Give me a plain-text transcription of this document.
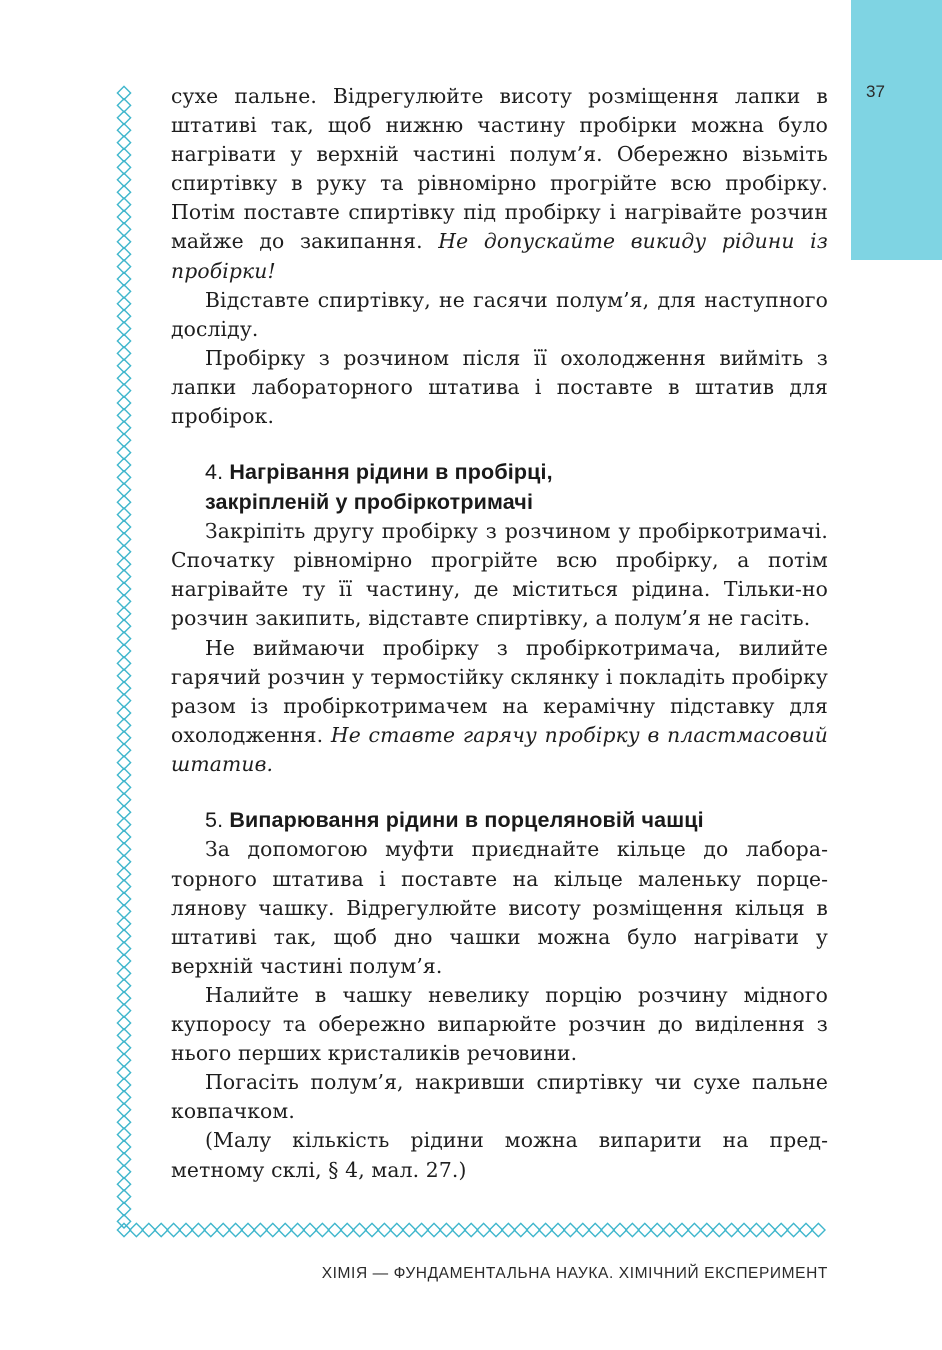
37

сухе пальне. Відрегулюйте висоту розміщення лапки в штативі так, щоб нижню частину пробірки можна було нагрівати у верхній частині полум’я. Обережно візьміть спиртівку в руку та рівномірно прогрійте всю пробірку. Потім поставте спиртівку під пробірку і нагрівайте розчин майже до закипання. Не допускайте викиду рідини із пробірки!

Відставте спиртівку, не гасячи полум’я, для наступного досліду.

Пробірку з розчином після її охолодження вийміть з лапки лабораторного штатива і поставте в штатив для пробірок.

4. Нагрівання рідини в пробірці,
закріпленій у пробіркотримачі

Закріпіть другу пробірку з розчином у пробіркотримачі. Спочатку рівномірно прогрійте всю пробірку, а потім нагрівайте ту її частину, де міститься рідина. Тільки-но розчин закипить, відставте спиртівку, а полум’я не гасіть.

Не виймаючи пробірку з пробіркотримача, вилийте гарячий розчин у термостійку склянку і покладіть пробірку разом із пробіркотримачем на керамічну підставку для охолодження. Не ставте гарячу пробірку в пластмасовий штатив.

5. Випарювання рідини в порцеляновій чашці

За допомогою муфти приєднайте кільце до лабораторного штатива і поставте на кільце маленьку порцелянову чашку. Відрегулюйте висоту розміщення кільця в штативі так, щоб дно чашки можна було нагрівати у верхній частині полум’я.

Налийте в чашку невелику порцію розчину мідного купоросу та обережно випарюйте розчин до виділення з нього перших кристаликів речовини.

Погасіть полум’я, накривши спиртівку чи сухе пальне ковпачком.

(Малу кількість рідини можна випарити на предметному склі, § 4, мал. 27.)

ХІМІЯ — ФУНДАМЕНТАЛЬНА НАУКА. ХІМІЧНИЙ ЕКСПЕРИМЕНТ
